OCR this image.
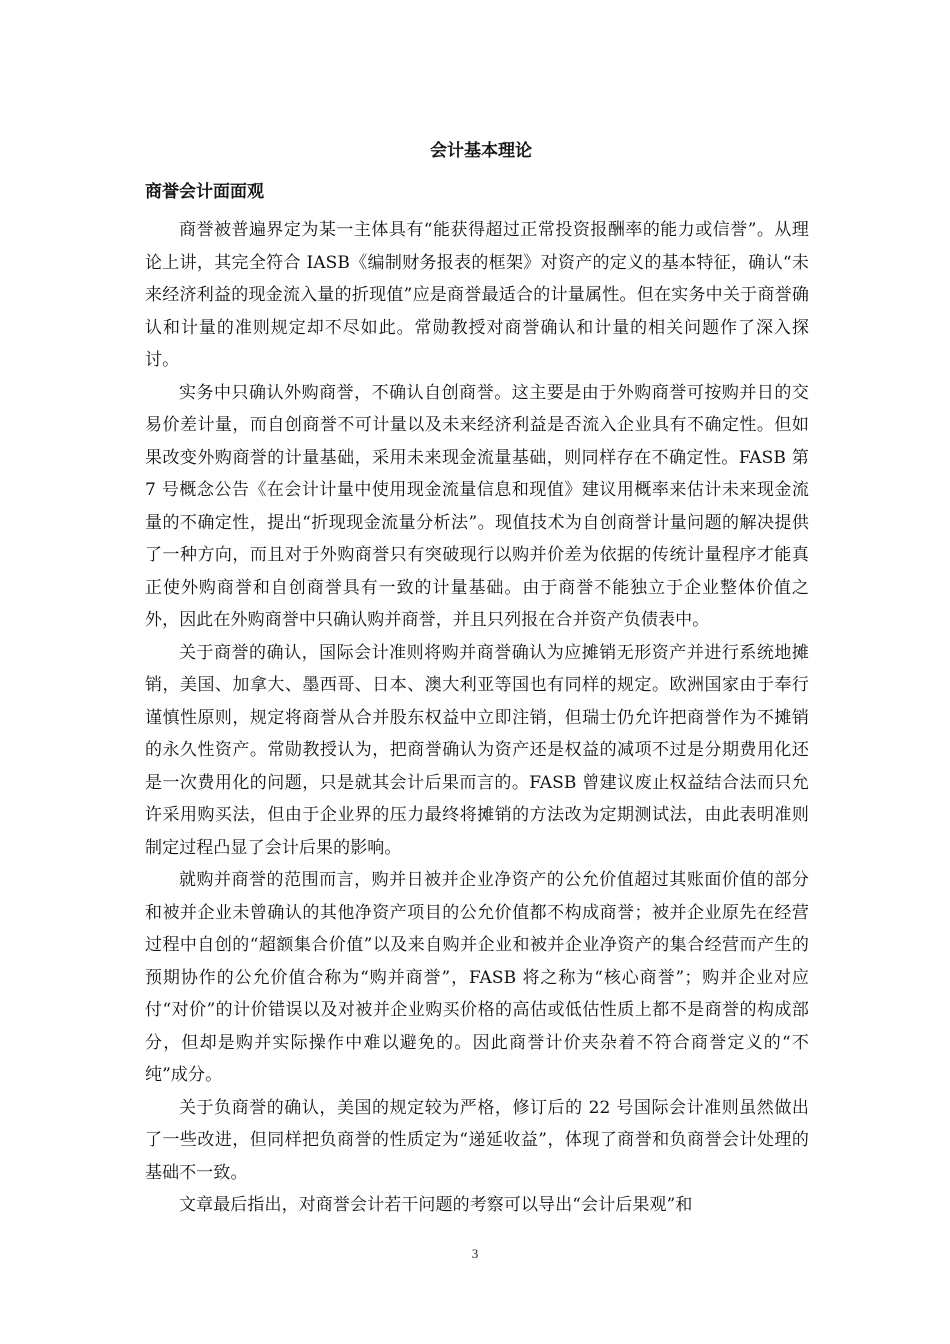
会计基本理论
商誉会计面面观

商誉被普遍界定为某一主体具有“能获得超过正常投资报酬率的能力或信誉”。从理论上讲，其完全符合 IASB《编制财务报表的框架》对资产的定义的基本特征，确认“未来经济利益的现金流入量的折现值”应是商誉最适合的计量属性。但在实务中关于商誉确认和计量的准则规定却不尽如此。常勋教授对商誉确认和计量的相关问题作了深入探讨。

实务中只确认外购商誉，不确认自创商誉。这主要是由于外购商誉可按购并日的交易价差计量，而自创商誉不可计量以及未来经济利益是否流入企业具有不确定性。但如果改变外购商誉的计量基础，采用未来现金流量基础，则同样存在不确定性。FASB 第 7 号概念公告《在会计计量中使用现金流量信息和现值》建议用概率来估计未来现金流量的不确定性，提出“折现现金流量分析法”。现值技术为自创商誉计量问题的解决提供了一种方向，而且对于外购商誉只有突破现行以购并价差为依据的传统计量程序才能真正使外购商誉和自创商誉具有一致的计量基础。由于商誉不能独立于企业整体价值之外，因此在外购商誉中只确认购并商誉，并且只列报在合并资产负债表中。

关于商誉的确认，国际会计准则将购并商誉确认为应摊销无形资产并进行系统地摊销，美国、加拿大、墨西哥、日本、澳大利亚等国也有同样的规定。欧洲国家由于奉行谨慎性原则，规定将商誉从合并股东权益中立即注销，但瑞士仍允许把商誉作为不摊销的永久性资产。常勋教授认为，把商誉确认为资产还是权益的减项不过是分期费用化还是一次费用化的问题，只是就其会计后果而言的。FASB 曾建议废止权益结合法而只允许采用购买法，但由于企业界的压力最终将摊销的方法改为定期测试法，由此表明准则制定过程凸显了会计后果的影响。

就购并商誉的范围而言，购并日被并企业净资产的公允价值超过其账面价值的部分和被并企业未曾确认的其他净资产项目的公允价值都不构成商誉；被并企业原先在经营过程中自创的“超额集合价值”以及来自购并企业和被并企业净资产的集合经营而产生的预期协作的公允价值合称为“购并商誉”，FASB 将之称为“核心商誉”；购并企业对应付“对价”的计价错误以及对被并企业购买价格的高估或低估性质上都不是商誉的构成部分，但却是购并实际操作中难以避免的。因此商誉计价夹杂着不符合商誉定义的“不纯”成分。

关于负商誉的确认，美国的规定较为严格，修订后的 22 号国际会计准则虽然做出了一些改进，但同样把负商誉的性质定为“递延收益”，体现了商誉和负商誉会计处理的基础不一致。

文章最后指出，对商誉会计若干问题的考察可以导出“会计后果观”和

3
